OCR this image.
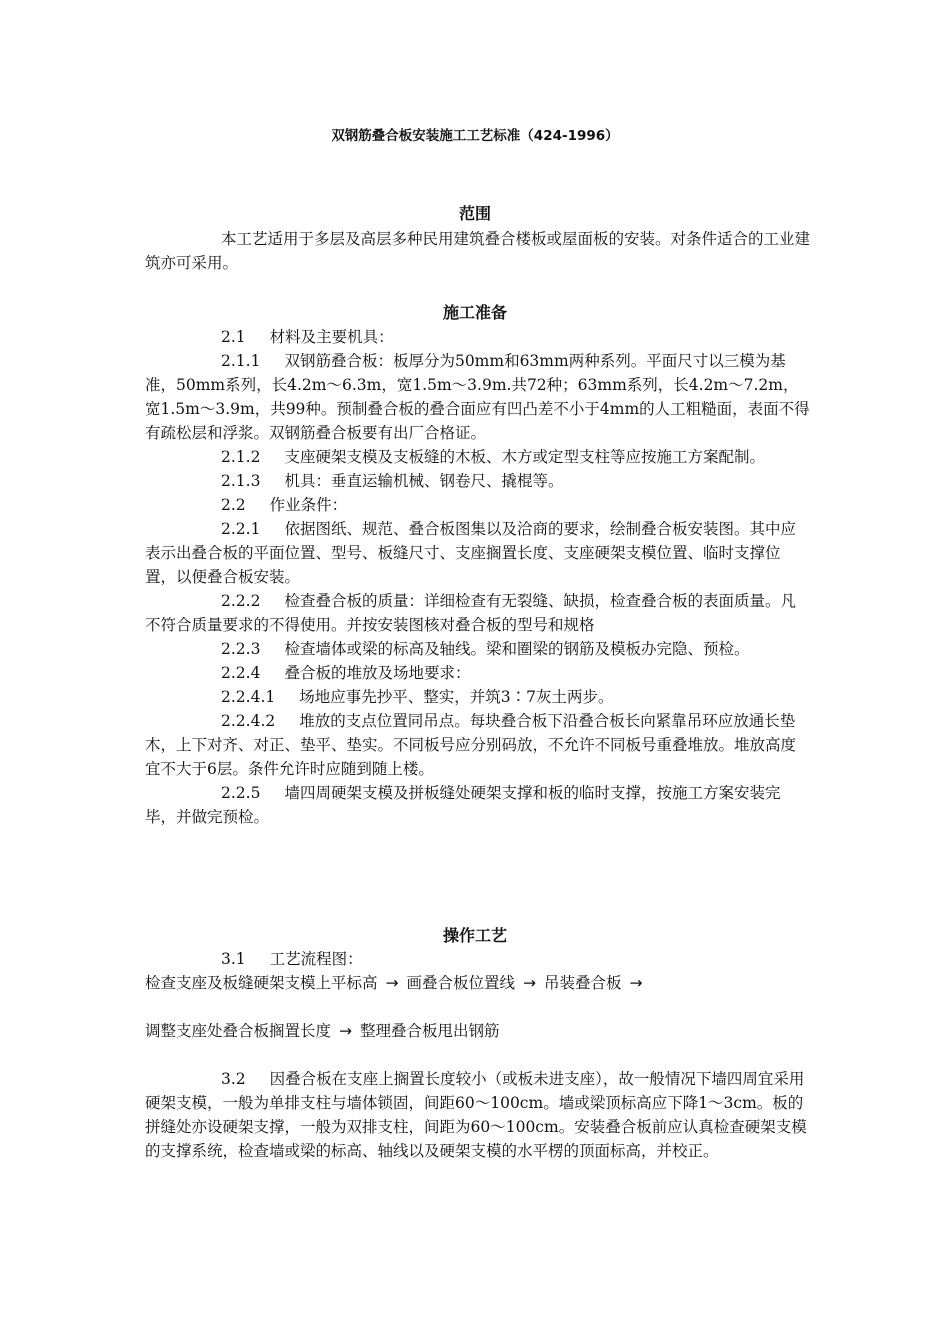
双钢筋叠合板安装施工工艺标准（424-1996）
范围

本工艺适用于多层及高层多种民用建筑叠合楼板或屋面板的安装。对条件适合的工业建筑亦可采用。

施工准备

2.1 材料及主要机具：

2.1.1 双钢筋叠合板：板厚分为50mm和63mm两种系列。平面尺寸以三模为基准，50mm系列，长4.2m～6.3m，宽1.5m～3.9m.共72种；63mm系列，长4.2m～7.2m，宽1.5m～3.9m，共99种。预制叠合板的叠合面应有凹凸差不小于4mm的人工粗糙面，表面不得有疏松层和浮浆。双钢筋叠合板要有出厂合格证。

2.1.2 支座硬架支模及支板缝的木板、木方或定型支柱等应按施工方案配制。

2.1.3 机具：垂直运输机械、钢卷尺、撬棍等。

2.2 作业条件：

2.2.1 依据图纸、规范、叠合板图集以及洽商的要求，绘制叠合板安装图。其中应表示出叠合板的平面位置、型号、板缝尺寸、支座搁置长度、支座硬架支模位置、临时支撑位置，以便叠合板安装。

2.2.2 检查叠合板的质量：详细检查有无裂缝、缺损，检查叠合板的表面质量。凡不符合质量要求的不得使用。并按安装图核对叠合板的型号和规格

2.2.3 检查墙体或梁的标高及轴线。梁和圈梁的钢筋及模板办完隐、预检。

2.2.4 叠合板的堆放及场地要求：

2.2.4.1 场地应事先抄平、整实，并筑3∶7灰土两步。

2.2.4.2 堆放的支点位置同吊点。每块叠合板下沿叠合板长向紧靠吊环应放通长垫木，上下对齐、对正、垫平、垫实。不同板号应分别码放，不允许不同板号重叠堆放。堆放高度宜不大于6层。条件允许时应随到随上楼。

2.2.5 墙四周硬架支模及拼板缝处硬架支撑和板的临时支撑，按施工方案安装完毕，并做完预检。

操作工艺

3.1 工艺流程图：

检查支座及板缝硬架支模上平标高 → 画叠合板位置线 → 吊装叠合板 →

调整支座处叠合板搁置长度 → 整理叠合板甩出钢筋

3.2 因叠合板在支座上搁置长度较小（或板未进支座），故一般情况下墙四周宜采用硬架支模，一般为单排支柱与墙体锁固，间距60～100cm。墙或梁顶标高应下降1～3cm。板的拼缝处亦设硬架支撑，一般为双排支柱，间距为60～100cm。安装叠合板前应认真检查硬架支模的支撑系统，检查墙或梁的标高、轴线以及硬架支模的水平楞的顶面标高，并校正。
